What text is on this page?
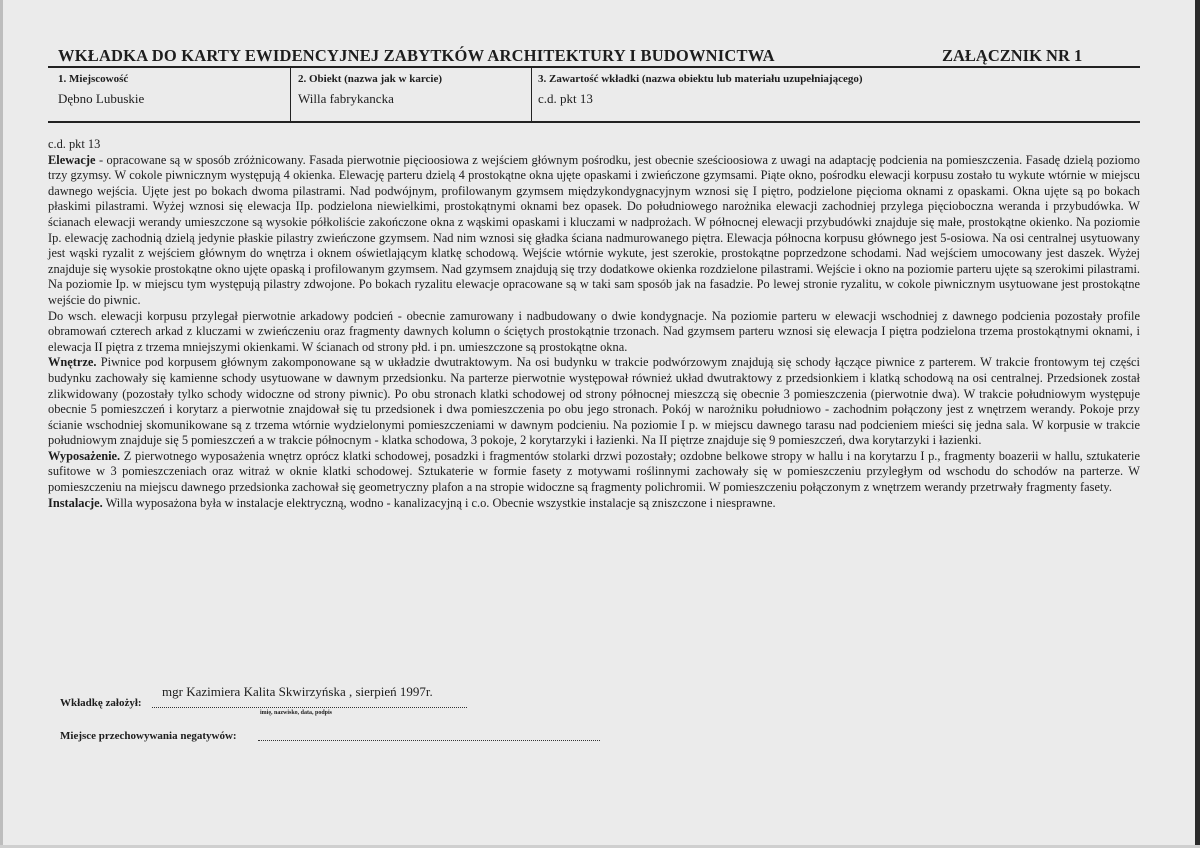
WKŁADKA DO KARTY EWIDENCYJNEJ ZABYTKÓW ARCHITEKTURY I BUDOWNICTWA	ZAŁĄCZNIK NR 1
1. Miejscowość
Dębno Lubuskie
2. Obiekt (nazwa jak w karcie)
Willa fabrykancka
3. Zawartość wkładki (nazwa obiektu lub materiału uzupełniającego)
c.d. pkt 13

c.d. pkt 13

Elewacje - opracowane są w sposób zróżnicowany. Fasada pierwotnie pięcioosiowa z wejściem głównym pośrodku, jest obecnie sześcioosiowa z uwagi na adaptację podcienia na pomieszczenia. Fasadę dzielą poziomo trzy gzymsy. W cokole piwnicznym występują 4 okienka. Elewację parteru dzielą 4 prostokątne okna ujęte opaskami i zwieńczone gzymsami. Piąte okno, pośrodku elewacji korpusu zostało tu wykute wtórnie w miejscu dawnego wejścia. Ujęte jest po bokach dwoma pilastrami. Nad podwójnym, profilowanym gzymsem międzykondygnacyjnym wznosi się I piętro, podzielone pięcioma oknami z opaskami. Okna ujęte są po bokach płaskimi pilastrami. Wyżej wznosi się elewacja IIp. podzielona niewielkimi, prostokątnymi oknami bez opasek. Do południowego narożnika elewacji zachodniej przylega pięcioboczna weranda i przybudówka. W ścianach elewacji werandy umieszczone są wysokie półkoliście zakończone okna z wąskimi opaskami i kluczami w nadprożach. W północnej elewacji przybudówki znajduje się małe, prostokątne okienko. Na poziomie Ip. elewację zachodnią dzielą jedynie płaskie pilastry zwieńczone gzymsem. Nad nim wznosi się gładka ściana nadmurowanego piętra. Elewacja północna korpusu głównego jest 5-osiowa. Na osi centralnej usytuowany jest wąski ryzalit z wejściem głównym do wnętrza i oknem oświetlającym klatkę schodową. Wejście wtórnie wykute, jest szerokie, prostokątne poprzedzone schodami. Nad wejściem umocowany jest daszek. Wyżej znajduje się wysokie prostokątne okno ujęte opaską i profilowanym gzymsem. Nad gzymsem znajdują się trzy dodatkowe okienka rozdzielone pilastrami. Wejście i okno na poziomie parteru ujęte są szerokimi pilastrami. Na poziomie Ip. w miejscu tym występują pilastry zdwojone. Po bokach ryzalitu elewacje opracowane są w taki sam sposób jak na fasadzie. Po lewej stronie ryzalitu, w cokole piwnicznym usytuowane jest prostokątne wejście do piwnic.

Do wsch. elewacji korpusu przylegał pierwotnie arkadowy podcień - obecnie zamurowany i nadbudowany o dwie kondygnacje. Na poziomie parteru w elewacji wschodniej z dawnego podcienia pozostały profile obramowań czterech arkad z kluczami w zwieńczeniu oraz fragmenty dawnych kolumn o ściętych prostokątnie trzonach. Nad gzymsem parteru wznosi się elewacja I piętra podzielona trzema prostokątnymi oknami, i elewacja II piętra z trzema mniejszymi okienkami. W ścianach od strony płd. i pn. umieszczone są prostokątne okna.

Wnętrze. Piwnice pod korpusem głównym zakomponowane są w układzie dwutraktowym. Na osi budynku w trakcie podwórzowym znajdują się schody łączące piwnice z parterem. W trakcie frontowym tej części budynku zachowały się kamienne schody usytuowane w dawnym przedsionku. Na parterze pierwotnie występował również układ dwutraktowy z przedsionkiem i klatką schodową na osi centralnej. Przedsionek został zlikwidowany (pozostały tylko schody widoczne od strony piwnic). Po obu stronach klatki schodowej od strony północnej mieszczą się obecnie 3 pomieszczenia (pierwotnie dwa). W trakcie południowym występuje obecnie 5 pomieszczeń i korytarz a pierwotnie znajdował się tu przedsionek i dwa pomieszczenia po obu jego stronach. Pokój w narożniku południowo - zachodnim połączony jest z wnętrzem werandy. Pokoje przy ścianie wschodniej skomunikowane są z trzema wtórnie wydzielonymi pomieszczeniami w dawnym podcieniu. Na poziomie I p. w miejscu dawnego tarasu nad podcieniem mieści się jedna sala. W korpusie w trakcie południowym znajduje się 5 pomieszczeń a w trakcie północnym - klatka schodowa, 3 pokoje, 2 korytarzyki i łazienki. Na II piętrze znajduje się 9 pomieszczeń, dwa korytarzyki i łazienki.

Wyposażenie. Z pierwotnego wyposażenia wnętrz oprócz klatki schodowej, posadzki i fragmentów stolarki drzwi pozostały; ozdobne belkowe stropy w hallu i na korytarzu I p., fragmenty boazerii w hallu, sztukaterie sufitowe w 3 pomieszczeniach oraz witraż w oknie klatki schodowej. Sztukaterie w formie fasety z motywami roślinnymi zachowały się w pomieszczeniu przyległym od wschodu do schodów na parterze. W pomieszczeniu na miejscu dawnego przedsionka zachował się geometryczny plafon a na stropie widoczne są fragmenty polichromii. W pomieszczeniu połączonym z wnętrzem werandy przetrwały fragmenty fasety.

Instalacje. Willa wyposażona była w instalacje elektryczną, wodno - kanalizacyjną i c.o. Obecnie wszystkie instalacje są zniszczone i niesprawne.

mgr Kazimiera Kalita Skwirzyńska , sierpień 1997r.
Wkładkę założył:
imię, nazwisko, data, podpis
Miejsce przechowywania negatywów:
